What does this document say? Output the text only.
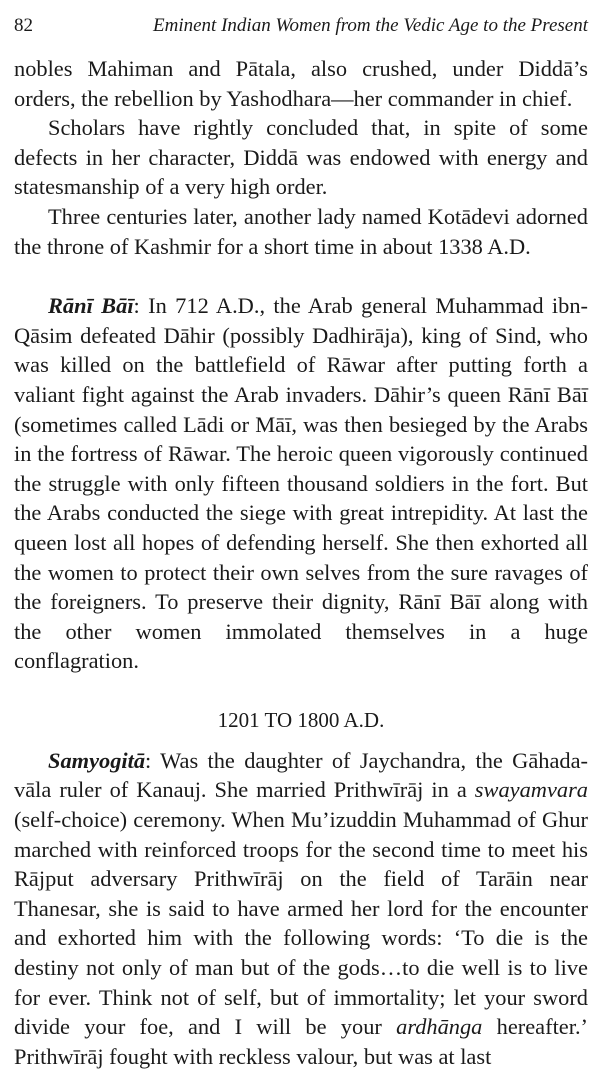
82	Eminent Indian Women from the Vedic Age to the Present

nobles Mahiman and Pātala, also crushed, under Diddā’s orders, the rebellion by Yashodhara—her commander in chief.

Scholars have rightly concluded that, in spite of some defects in her character, Diddā was endowed with energy and statesmanship of a very high order.

Three centuries later, another lady named Kotādevi adorned the throne of Kashmir for a short time in about 1338 A.D.

Rānī Bāī: In 712 A.D., the Arab general Muhammad ibn-Qāsim defeated Dāhir (possibly Dadhirāja), king of Sind, who was killed on the battlefield of Rāwar after putting forth a valiant fight against the Arab invaders. Dāhir’s queen Rānī Bāī (sometimes called Lādi or Māī, was then besieged by the Arabs in the fortress of Rāwar. The heroic queen vigorously continued the struggle with only fifteen thousand soldiers in the fort. But the Arabs conducted the siege with great intrepidity. At last the queen lost all hopes of defending herself. She then exhorted all the women to protect their own selves from the sure ravages of the foreigners. To preserve their dignity, Rānī Bāī along with the other women immolated themselves in a huge conflagration.

1201 TO 1800 A.D.

Samyogitā: Was the daughter of Jaychandra, the Gāhada-vāla ruler of Kanauj. She married Prithwīrāj in a swayamvara (self-choice) ceremony. When Mu’izuddin Muhammad of Ghur marched with reinforced troops for the second time to meet his Rājput adversary Prithwīrāj on the field of Tarāin near Thanesar, she is said to have armed her lord for the encounter and exhorted him with the following words: ‘To die is the destiny not only of man but of the gods…to die well is to live for ever. Think not of self, but of immortality; let your sword divide your foe, and I will be your ardhānga hereafter.’ Prithwīrāj fought with reckless valour, but was at last
